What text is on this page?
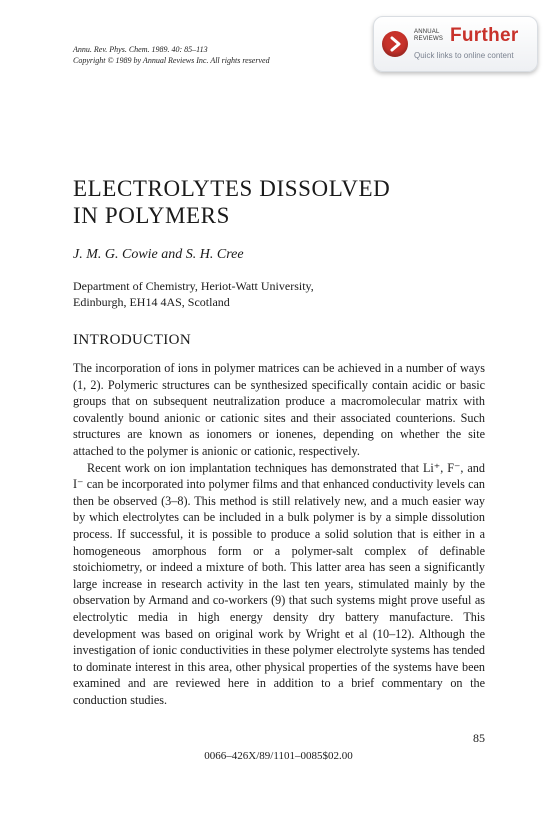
Annu. Rev. Phys. Chem. 1989. 40: 85–113
Copyright © 1989 by Annual Reviews Inc. All rights reserved
ANNUAL REVIEWS Further
Quick links to online content
ELECTROLYTES DISSOLVED
IN POLYMERS
J. M. G. Cowie and S. H. Cree
Department of Chemistry, Heriot-Watt University,
Edinburgh, EH14 4AS, Scotland
INTRODUCTION

The incorporation of ions in polymer matrices can be achieved in a number of ways (1, 2). Polymeric structures can be synthesized specifically contain acidic or basic groups that on subsequent neutralization produce a macromolecular matrix with covalently bound anionic or cationic sites and their associated counterions. Such structures are known as ionomers or ionenes, depending on whether the site attached to the polymer is anionic or cationic, respectively.

Recent work on ion implantation techniques has demonstrated that Li⁺, F⁻, and I⁻ can be incorporated into polymer films and that enhanced conductivity levels can then be observed (3–8). This method is still relatively new, and a much easier way by which electrolytes can be included in a bulk polymer is by a simple dissolution process. If successful, it is possible to produce a solid solution that is either in a homogeneous amorphous form or a polymer-salt complex of definable stoichiometry, or indeed a mixture of both. This latter area has seen a significantly large increase in research activity in the last ten years, stimulated mainly by the observation by Armand and co-workers (9) that such systems might prove useful as electrolytic media in high energy density dry battery manufacture. This development was based on original work by Wright et al (10–12). Although the investigation of ionic conductivities in these polymer electrolyte systems has tended to dominate interest in this area, other physical properties of the systems have been examined and are reviewed here in addition to a brief commentary on the conduction studies.

85
0066–426X/89/1101–0085$02.00
